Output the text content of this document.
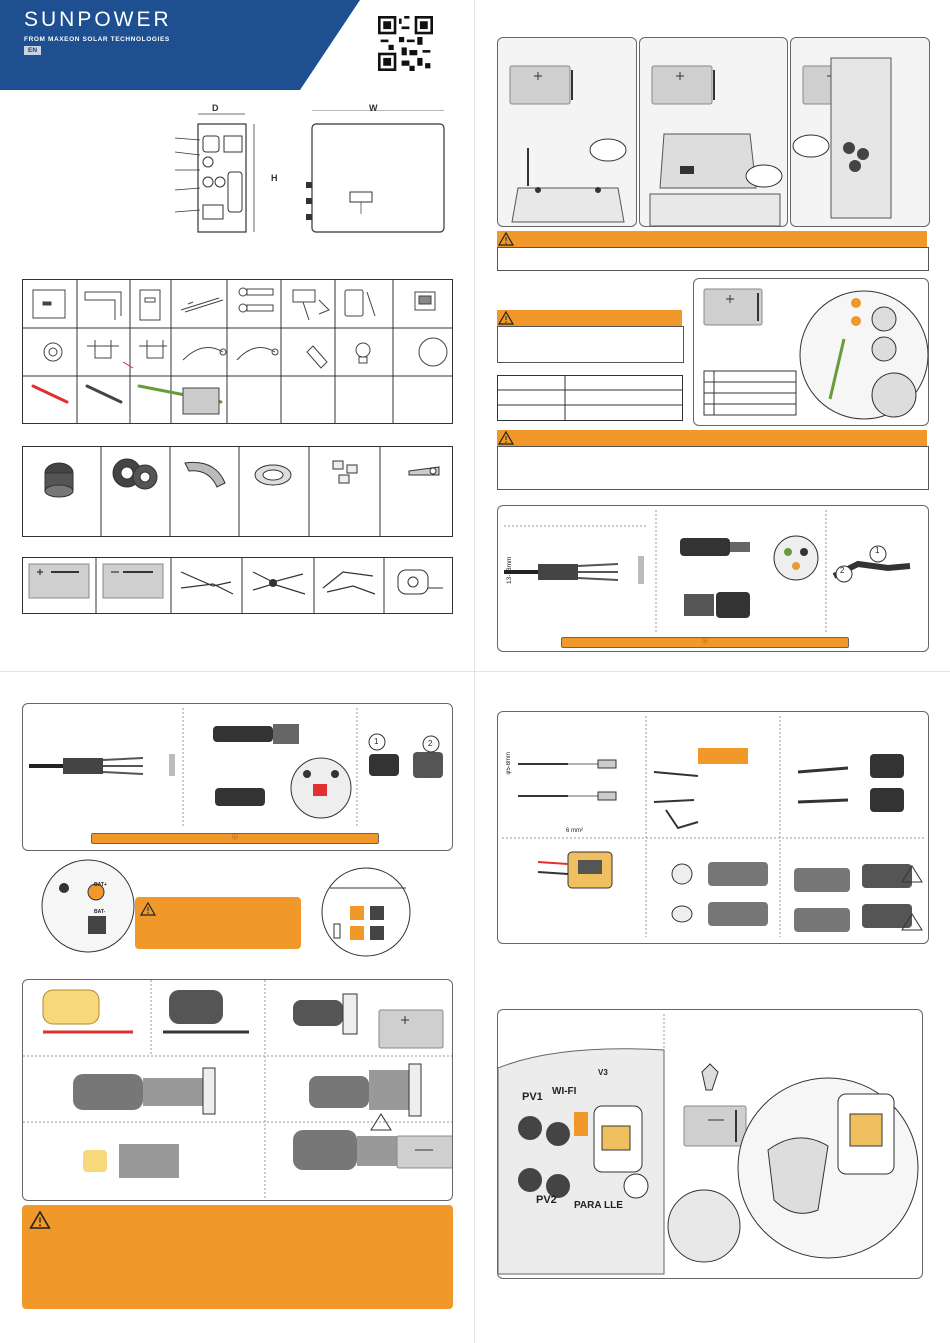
SUNPOWER
FROM MAXEON SOLAR TECHNOLOGIES
EN
D	W
H
13-18mm
1
2
ⓘ
1	2
ⓘ
BAT+
BAT-
φ5-8mm
6 mm²
PV1 WI-FI
PV2 PARA LLE
V3
